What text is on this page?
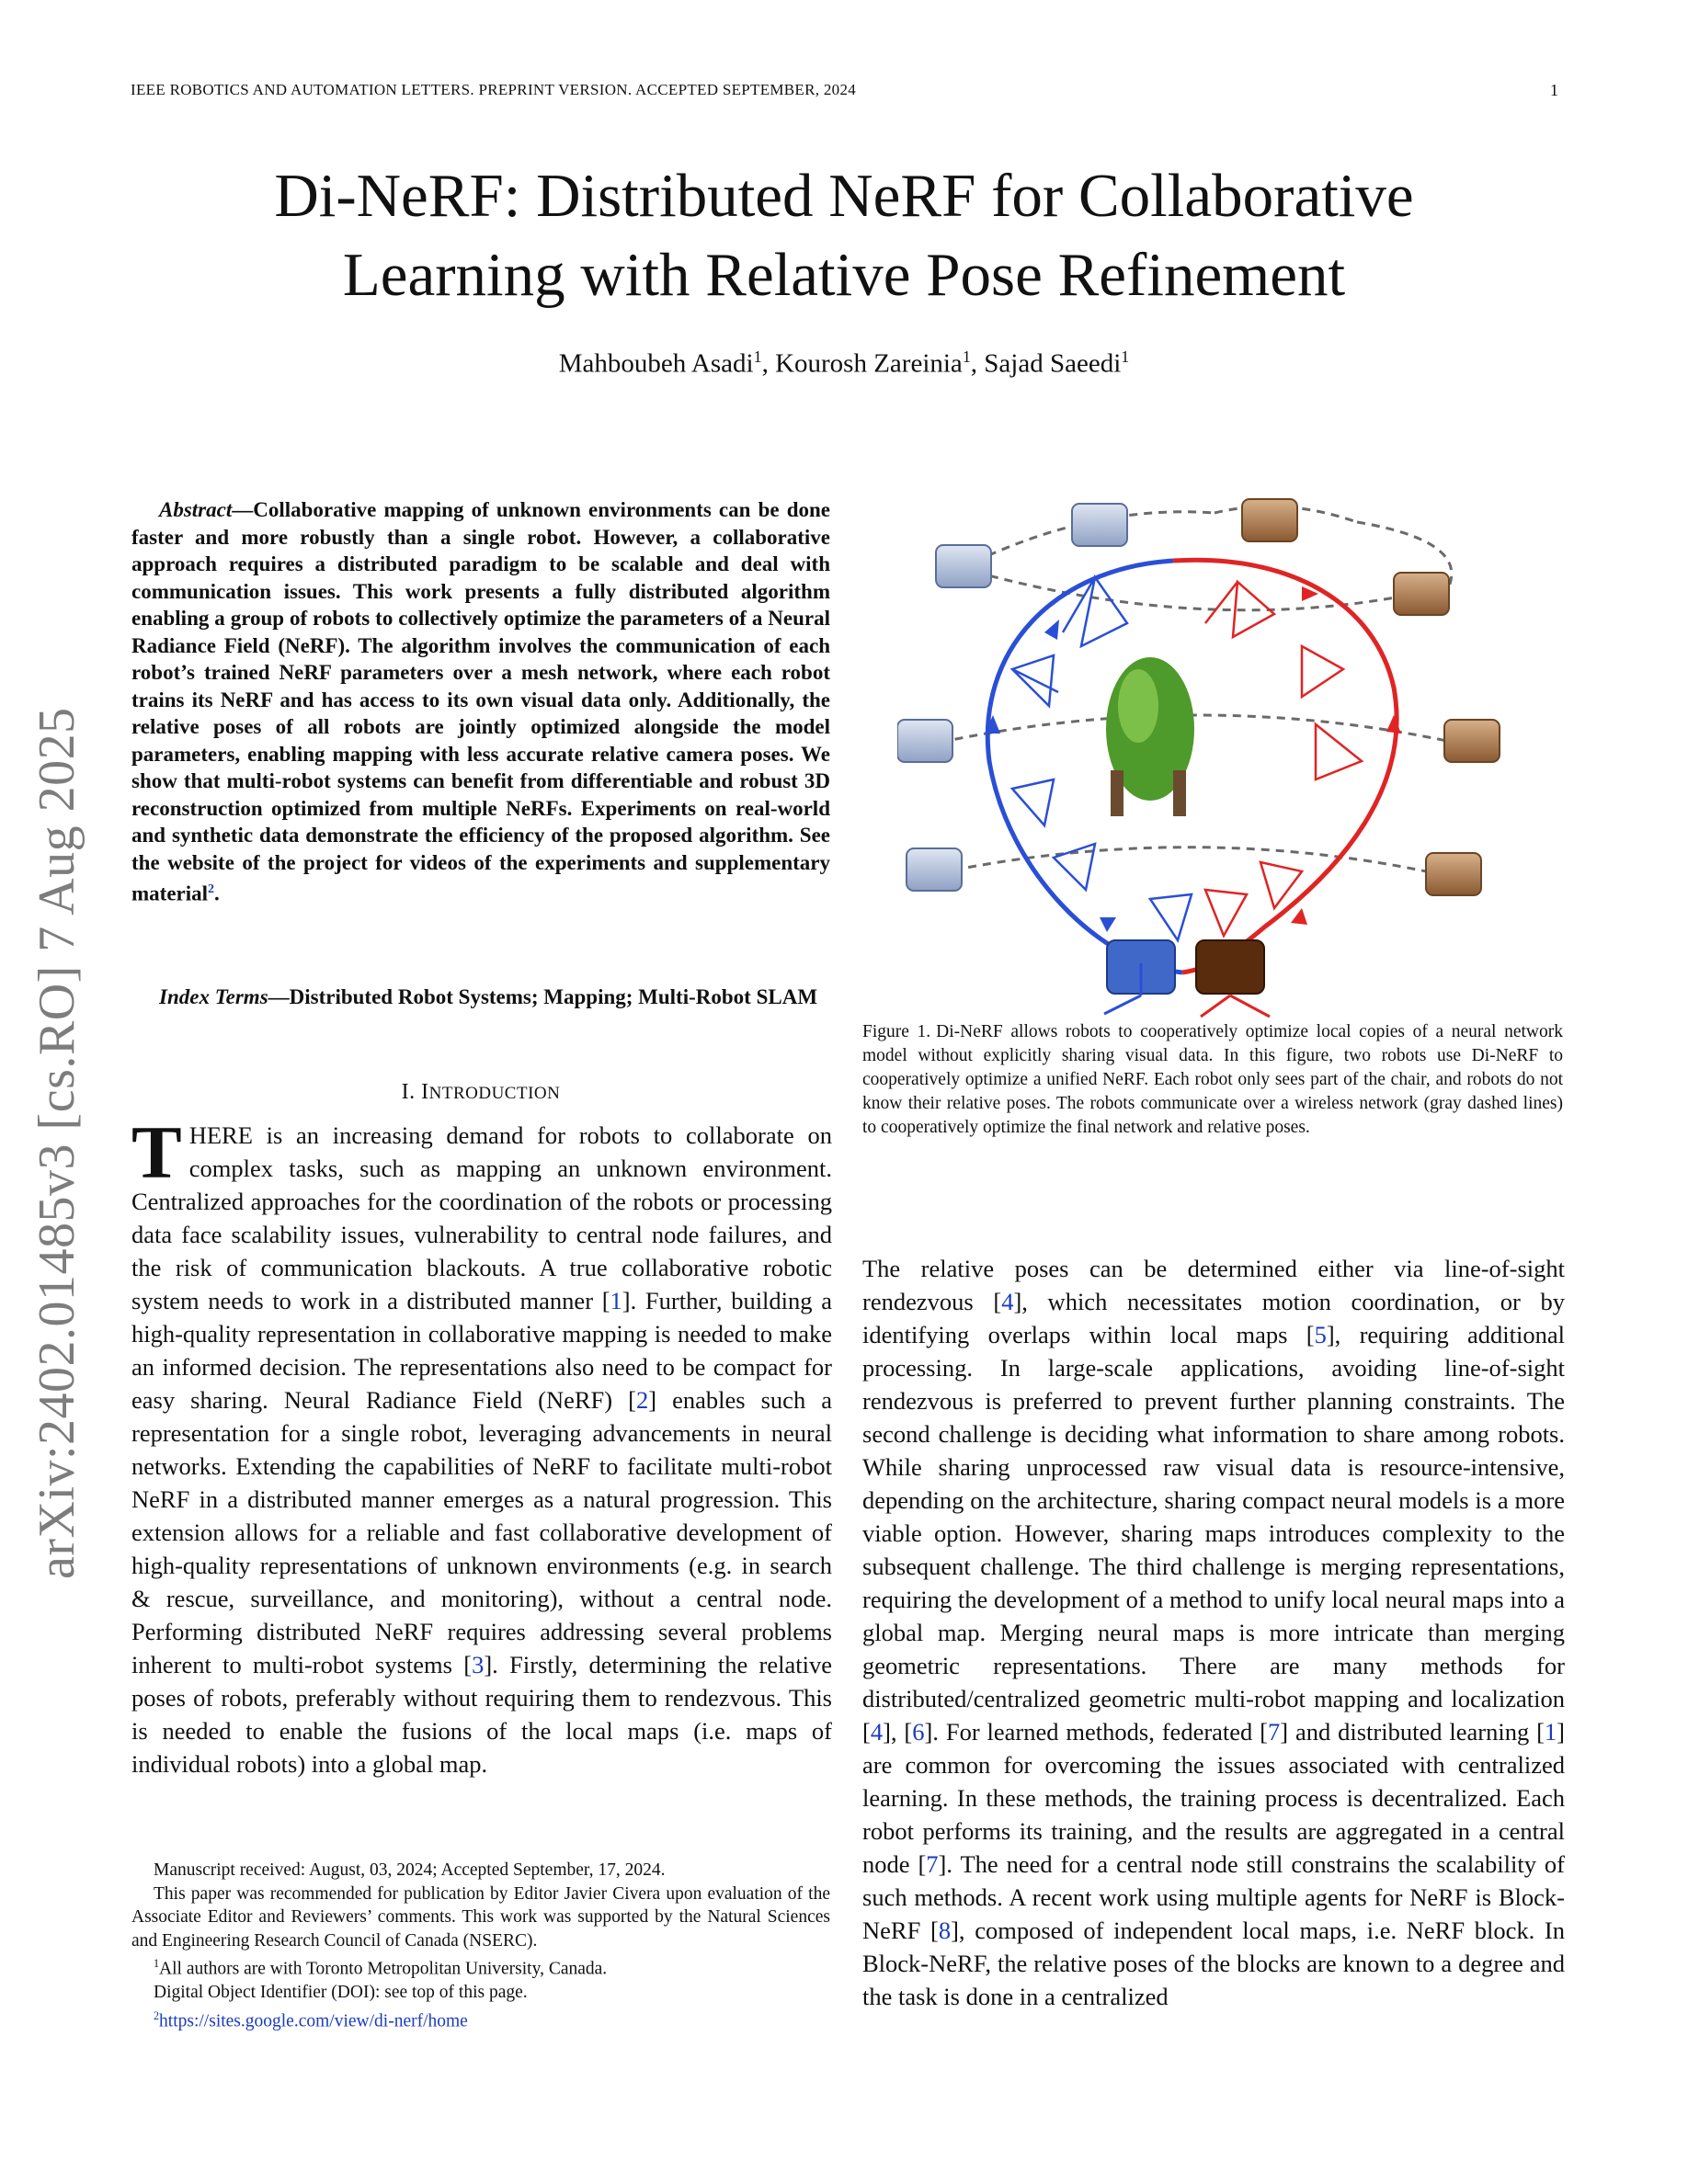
IEEE ROBOTICS AND AUTOMATION LETTERS. PREPRINT VERSION. ACCEPTED SEPTEMBER, 2024	1
Di-NeRF: Distributed NeRF for Collaborative
Learning with Relative Pose Refinement
Mahboubeh Asadi$^1$, Kourosh Zareinia$^1$, Sajad Saeedi$^1$
arXiv:2402.01485v3 [cs.RO] 7 Aug 2025
Abstract—Collaborative mapping of unknown environments can be done faster and more robustly than a single robot. However, a collaborative approach requires a distributed paradigm to be scalable and deal with communication issues. This work presents a fully distributed algorithm enabling a group of robots to collectively optimize the parameters of a Neural Radiance Field (NeRF). The algorithm involves the communication of each robot’s trained NeRF parameters over a mesh network, where each robot trains its NeRF and has access to its own visual data only. Additionally, the relative poses of all robots are jointly optimized alongside the model parameters, enabling mapping with less accurate relative camera poses. We show that multi-robot systems can benefit from differentiable and robust 3D reconstruction optimized from multiple NeRFs. Experiments on real-world and synthetic data demonstrate the efficiency of the proposed algorithm. See the website of the project for videos of the experiments and supplementary material$^2$.
Index Terms—Distributed Robot Systems; Mapping; Multi-Robot SLAM
I. INTRODUCTION
THERE is an increasing demand for robots to collaborate on complex tasks, such as mapping an unknown environment. Centralized approaches for the coordination of the robots or processing data face scalability issues, vulnerability to central node failures, and the risk of communication blackouts. A true collaborative robotic system needs to work in a distributed manner [1]. Further, building a high-quality representation in collaborative mapping is needed to make an informed decision. The representations also need to be compact for easy sharing. Neural Radiance Field (NeRF) [2] enables such a representation for a single robot, leveraging advancements in neural networks. Extending the capabilities of NeRF to facilitate multi-robot NeRF in a distributed manner emerges as a natural progression. This extension allows for a reliable and fast collaborative development of high-quality representations of unknown environments (e.g. in search & rescue, surveillance, and monitoring), without a central node. Performing distributed NeRF requires addressing several problems inherent to multi-robot systems [3]. Firstly, determining the relative poses of robots, preferably without requiring them to rendezvous. This is needed to enable the fusions of the local maps (i.e. maps of individual robots) into a global map.

Manuscript received: August, 03, 2024; Accepted September, 17, 2024.

This paper was recommended for publication by Editor Javier Civera upon evaluation of the Associate Editor and Reviewers’ comments. This work was supported by the Natural Sciences and Engineering Research Council of Canada (NSERC).

$^1$All authors are with Toronto Metropolitan University, Canada.

Digital Object Identifier (DOI): see top of this page.

$^2$https://sites.google.com/view/di-nerf/home

Figure 1. Di-NeRF allows robots to cooperatively optimize local copies of a neural network model without explicitly sharing visual data. In this figure, two robots use Di-NeRF to cooperatively optimize a unified NeRF. Each robot only sees part of the chair, and robots do not know their relative poses. The robots communicate over a wireless network (gray dashed lines) to cooperatively optimize the final network and relative poses.
The relative poses can be determined either via line-of-sight rendezvous [4], which necessitates motion coordination, or by identifying overlaps within local maps [5], requiring additional processing. In large-scale applications, avoiding line-of-sight rendezvous is preferred to prevent further planning constraints. The second challenge is deciding what information to share among robots. While sharing unprocessed raw visual data is resource-intensive, depending on the architecture, sharing compact neural models is a more viable option. However, sharing maps introduces complexity to the subsequent challenge. The third challenge is merging representations, requiring the development of a method to unify local neural maps into a global map. Merging neural maps is more intricate than merging geometric representations. There are many methods for distributed/centralized geometric multi-robot mapping and localization [4], [6]. For learned methods, federated [7] and distributed learning [1] are common for overcoming the issues associated with centralized learning. In these methods, the training process is decentralized. Each robot performs its training, and the results are aggregated in a central node [7]. The need for a central node still constrains the scalability of such methods. A recent work using multiple agents for NeRF is Block-NeRF [8], composed of independent local maps, i.e. NeRF block. In Block-NeRF, the relative poses of the blocks are known to a degree and the task is done in a centralized
